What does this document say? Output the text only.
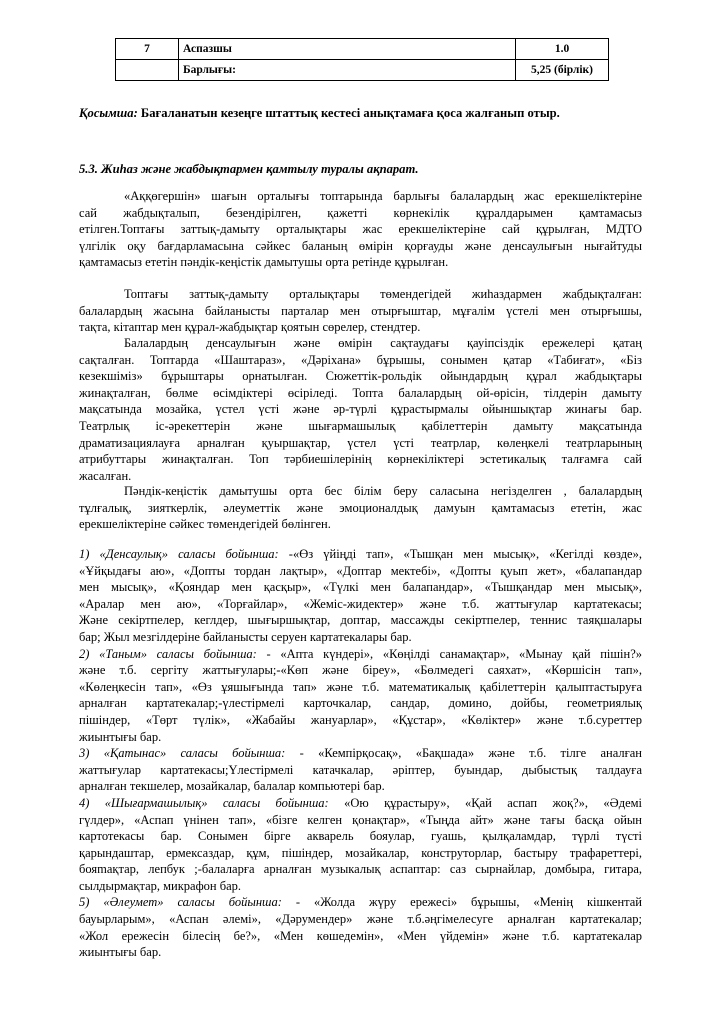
7	Аспазшы	1.0
	Барлығы:	5,25 (бірлік)
Қосымша: Бағаланатын кезеңге штаттық кестесі анықтамаға қоса жалғанып отыр.
5.3. Жиһаз және жабдықтармен қамтылу туралы ақпарат.
«Аққөгершін» шағын орталығы топтарында барлығы балалардың жас ерекшеліктеріне
сай жабдықталып, безендірілген, қажетті көрнекілік құралдарымен қамтамасыз
етілген.Топтағы заттық-дамыту орталықтары жас ерекшеліктеріне сай құрылған, МДТО
үлгілік оқу бағдарламасына сәйкес баланың өмірін қорғауды және денсаулығын нығайтуды
қамтамасыз ететін пәндік-кеңістік дамытушы орта ретінде құрылған.
Топтағы заттық-дамыту орталықтары төмендегідей жиhаздармен жабдықталған:
балалардың жасына байланысты парталар мен отырғыштар, мұғалім үстелі мен отырғышы,
тақта, кітаптар мен құрал-жабдықтар қоятын сөрелер, стендтер.
Балалардың денсаулығын және өмірін сақтаудағы қауіпсіздік ережелері қатаң
сақталған. Топтарда «Шаштараз», «Дәріхана» бұрышы, сонымен қатар «Табиғат», «Біз
кезекшіміз» бұрыштары орнатылған. Сюжеттік-рольдік ойындардың құрал жабдықтары
жинақталған, бөлме өсімдіктері өсіріледі. Топта балалардың ой-өрісін, тілдерін дамыту
мақсатында мозайка, үстел үсті және әр-түрлі құрастырмалы ойыншықтар жинағы бар.
Театрлық іс-әрекеттерін және шығармашылық қабілеттерін дамыту мақсатында
драматизациялауға арналған қуыршақтар, үстел үсті театрлар, көлеңкелі театрларының
атрибуттары жинақталған. Топ тәрбиешілерінің көрнекіліктері эстетикалық талғамға сай
жасалған.
Пәндік-кеңістік дамытушы орта бес білім беру саласына негізделген , балалардың
тұлғалық, зияткерлік, әлеуметтік және эмоционалдық дамуын қамтамасыз ететін, жас
ерекшеліктеріне сәйкес төмендегідей бөлінген.
1) «Денсаулық» саласы бойынша: -«Өз үйіңді тап», «Тышқан мен мысық», «Кегілді көзде»,
«Ұйқыдағы аю», «Допты тордан лақтыр», «Доптар мектебі», «Допты қуып жет», «балапандар
мен мысық», «Қояндар мен қасқыр», «Түлкі мен балапандар», «Тышқандар мен мысық»,
«Аралар мен аю», «Торғайлар», «Жеміс-жидектер» және т.б. жаттығулар картатекасы;
Жәнe секіртпелер, кеглдер, шығыршықтар, доптар, массажды секіртпелер, теннис таяқшалары
бар; Жыл мезгілдеріне байланысты серуен картатекалары бар.
2) «Таным» саласы бойынша: - «Апта күндері», «Көңілді санамақтар», «Мынау қай пішін?»
және т.б. сергіту жаттығулары;-«Көп және біреу», «Бөлмедегі саяхат», «Көршісін тап»,
«Көлеңкесін тап», «Өз ұяшығында тап» және т.б. математикалық қабілеттерін қалыптастыруға
арналған картатекалар;-үлестірмелі карточкалар, сандар, домино, дойбы, геометриялық
пішіндер, «Төрт түлік», «Жабайы жануарлар», «Құстар», «Көліктер» және т.б.суреттер
жиынтығы бар.
3) «Қатынас» саласы бойынша: - «Кемпірқосақ», «Бақшада» және т.б. тілге аналған
жаттығулар картатекасы;Үлестірмелі катачкалар, әріптер, буындар, дыбыстық талдауға
арналған текшелер, мозайкалар, балалар компьютері бар.
4) «Шығармашылық» саласы бойынша: «Ою құрастыру», «Қай аспап жоқ?», «Әдемі
гүлдер», «Аспап үнінен тап», «бізге келген қонақтар», «Тыңда айт» және тағы басқа ойын
картотекасы бар. Сонымен бірге акварель бояулар, гуашь, қылқаламдар, түрлі түсті
қарындаштар, ермексаздар, құм, пішіндер, мозайкалар, конструторлар, бастыру трафареттері,
бояmақтар, лепбук ;-балаларға арналған музыкалық аспаптар: саз сырнайлар, домбыра, гитара,
сылдырмақтар, микрафон бар.
5) «Әлеумет» саласы бойынша: - «Жолда жүру ережесі» бұрышы, «Менің кішкентай
бауырларым», «Аспан әлемі», «Дәрумендер» және т.б.әңгімелесуге арналған картатекалар;
«Жол ережесін білесің бе?», «Мен көшедемін», «Мен үйдемін» және т.б. картатекалар
жиынтығы бар.
